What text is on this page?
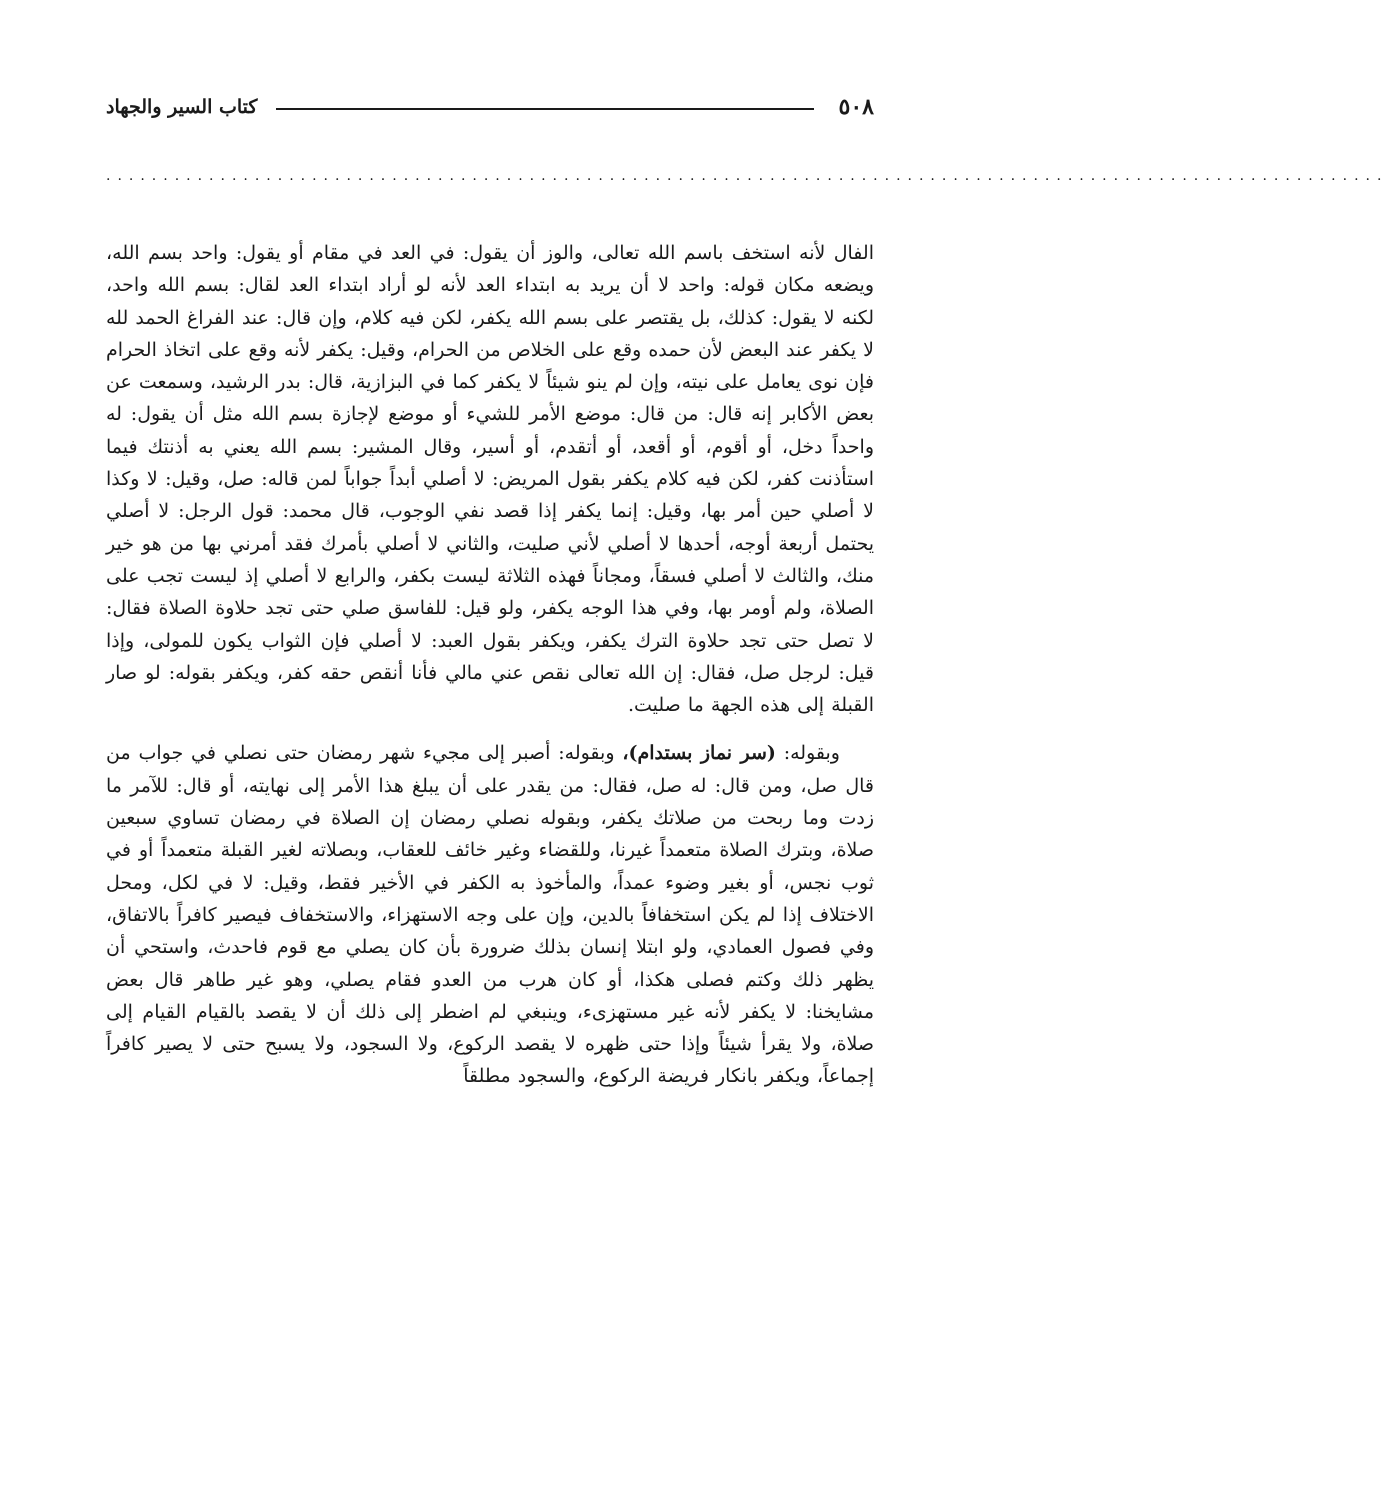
٥٠٨
كتاب السير والجهاد
................................................................................................................

الفال لأنه استخف باسم الله تعالى، والوز أن يقول: في العد في مقام أو يقول: واحد بسم الله، ويضعه مكان قوله: واحد لا أن يريد به ابتداء العد لأنه لو أراد ابتداء العد لقال: بسم الله واحد، لكنه لا يقول: كذلك، بل يقتصر على بسم الله يكفر، لكن فيه كلام، وإن قال: عند الفراغ الحمد لله لا يكفر عند البعض لأن حمده وقع على الخلاص من الحرام، وقيل: يكفر لأنه وقع على اتخاذ الحرام فإن نوى يعامل على نيته، وإن لم ينو شيئاً لا يكفر كما في البزازية، قال: بدر الرشيد، وسمعت عن بعض الأكابر إنه قال: من قال: موضع الأمر للشيء أو موضع لإجازة بسم الله مثل أن يقول: له واحداً دخل، أو أقوم، أو أقعد، أو أتقدم، أو أسير، وقال المشير: بسم الله يعني به أذنتك فيما استأذنت كفر، لكن فيه كلام يكفر بقول المريض: لا أصلي أبداً جواباً لمن قاله: صل، وقيل: لا وكذا لا أصلي حين أمر بها، وقيل: إنما يكفر إذا قصد نفي الوجوب، قال محمد: قول الرجل: لا أصلي يحتمل أربعة أوجه، أحدها لا أصلي لأني صليت، والثاني لا أصلي بأمرك فقد أمرني بها من هو خير منك، والثالث لا أصلي فسقاً، ومجاناً فهذه الثلاثة ليست بكفر، والرابع لا أصلي إذ ليست تجب على الصلاة، ولم أومر بها، وفي هذا الوجه يكفر، ولو قيل: للفاسق صلي حتى تجد حلاوة الصلاة فقال: لا تصل حتى تجد حلاوة الترك يكفر، ويكفر بقول العبد: لا أصلي فإن الثواب يكون للمولى، وإذا قيل: لرجل صل، فقال: إن الله تعالى نقص عني مالي فأنا أنقص حقه كفر، ويكفر بقوله: لو صار القبلة إلى هذه الجهة ما صليت.

وبقوله: (سر نماز بستدام)، وبقوله: أصبر إلى مجيء شهر رمضان حتى نصلي في جواب من قال صل، ومن قال: له صل، فقال: من يقدر على أن يبلغ هذا الأمر إلى نهايته، أو قال: للآمر ما زدت وما ربحت من صلاتك يكفر، وبقوله نصلي رمضان إن الصلاة في رمضان تساوي سبعين صلاة، وبترك الصلاة متعمداً غيرنا، وللقضاء وغير خائف للعقاب، وبصلاته لغير القبلة متعمداً أو في ثوب نجس، أو بغير وضوء عمداً، والمأخوذ به الكفر في الأخير فقط، وقيل: لا في لكل، ومحل الاختلاف إذا لم يكن استخفافاً بالدين، وإن على وجه الاستهزاء، والاستخفاف فيصير كافراً بالاتفاق، وفي فصول العمادي، ولو ابتلا إنسان بذلك ضرورة بأن كان يصلي مع قوم فاحدث، واستحي أن يظهر ذلك وكتم فصلى هكذا، أو كان هرب من العدو فقام يصلي، وهو غير طاهر قال بعض مشايخنا: لا يكفر لأنه غير مستهزىء، وينبغي لم اضطر إلى ذلك أن لا يقصد بالقيام القيام إلى صلاة، ولا يقرأ شيئاً وإذا حتى ظهره لا يقصد الركوع، ولا السجود، ولا يسبح حتى لا يصير كافراً إجماعاً، ويكفر بانكار فريضة الركوع، والسجود مطلقاً
